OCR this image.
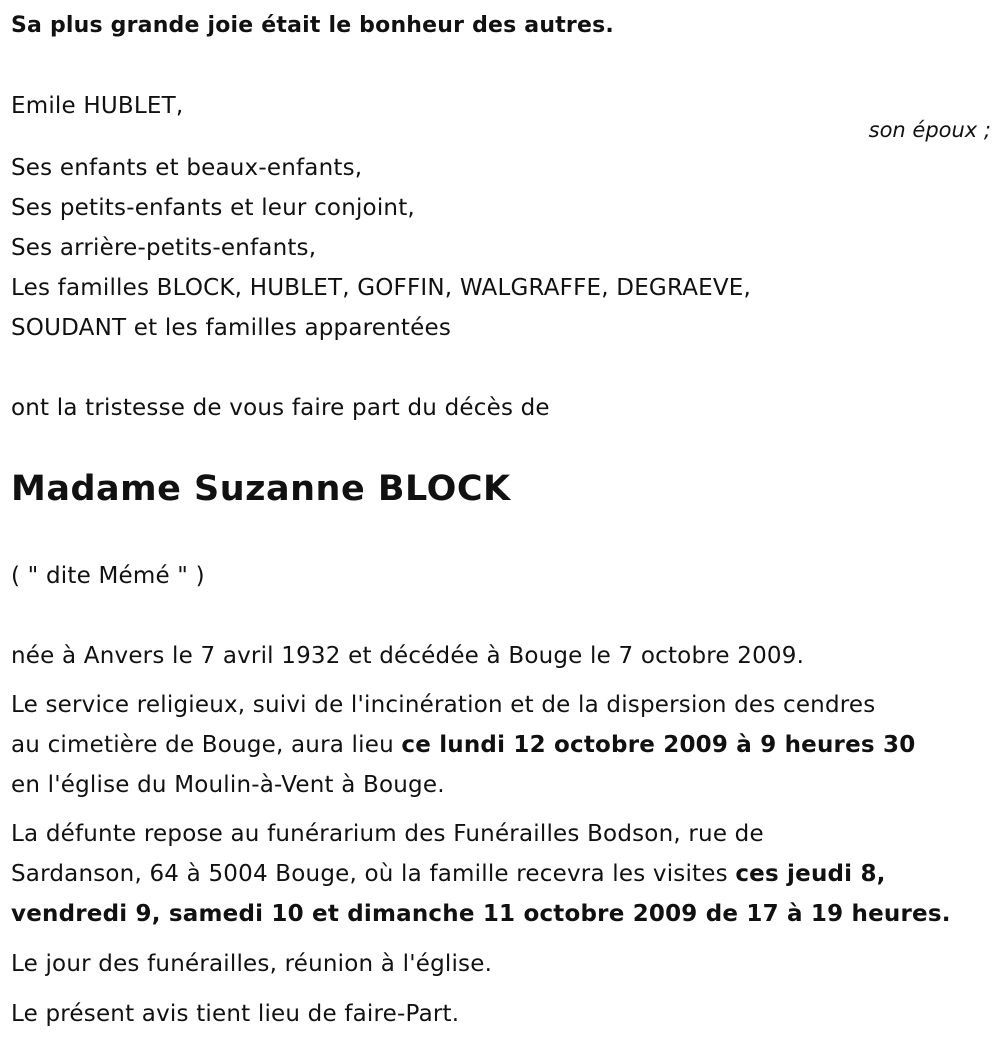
Sa plus grande joie était le bonheur des autres.
Emile HUBLET,
son époux ;
Ses enfants et beaux-enfants,
Ses petits-enfants et leur conjoint,
Ses arrière-petits-enfants,
Les familles BLOCK, HUBLET, GOFFIN, WALGRAFFE, DEGRAEVE,
SOUDANT et les familles apparentées
ont la tristesse de vous faire part du décès de
Madame Suzanne BLOCK
( " dite Mémé " )
née à Anvers le 7 avril 1932 et décédée à Bouge le 7 octobre 2009.
Le service religieux, suivi de l'incinération et de la dispersion des cendres
au cimetière de Bouge, aura lieu ce lundi 12 octobre 2009 à 9 heures 30
en l'église du Moulin-à-Vent à Bouge.
La défunte repose au funérarium des Funérailles Bodson, rue de
Sardanson, 64 à 5004 Bouge, où la famille recevra les visites ces jeudi 8,
vendredi 9, samedi 10 et dimanche 11 octobre 2009 de 17 à 19 heures.
Le jour des funérailles, réunion à l'église.
Le présent avis tient lieu de faire-Part.
